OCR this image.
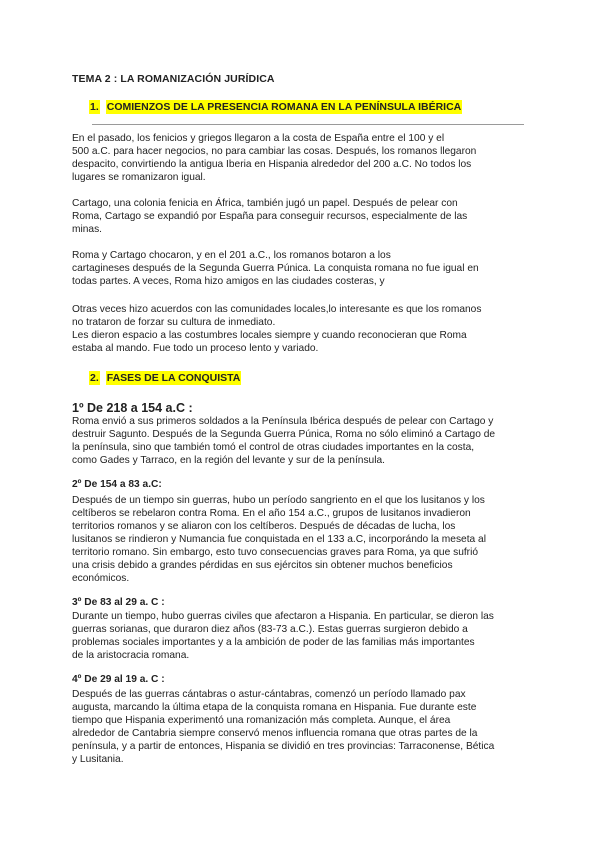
TEMA 2 : LA ROMANIZACIÓN JURÍDICA
1. COMIENZOS DE LA PRESENCIA ROMANA EN LA PENÍNSULA IBÉRICA
En el pasado, los fenicios y griegos llegaron a la costa de España entre el 100 y el
500 a.C. para hacer negocios, no para cambiar las cosas. Después, los romanos llegaron
despacito, convirtiendo la antigua Iberia en Hispania alrededor del 200 a.C. No todos los
lugares se romanizaron igual.
Cartago, una colonia fenicia en África, también jugó un papel. Después de pelear con
Roma, Cartago se expandió por España para conseguir recursos, especialmente de las
minas.
Roma y Cartago chocaron, y en el 201 a.C., los romanos botaron a los
cartagineses después de la Segunda Guerra Púnica. La conquista romana no fue igual en
todas partes. A veces, Roma hizo amigos en las ciudades costeras, y
Otras veces hizo acuerdos con las comunidades locales,lo interesante es que los romanos
no trataron de forzar su cultura de inmediato.
Les dieron espacio a las costumbres locales siempre y cuando reconocieran que Roma
estaba al mando. Fue todo un proceso lento y variado.
2. FASES DE LA CONQUISTA
1º De 218 a 154 a.C :
Roma envió a sus primeros soldados a la Península Ibérica después de pelear con Cartago y
destruir Sagunto. Después de la Segunda Guerra Púnica, Roma no sólo eliminó a Cartago de
la península, sino que también tomó el control de otras ciudades importantes en la costa,
como Gades y Tarraco, en la región del levante y sur de la península.
2º De 154 a 83 a.C:
Después de un tiempo sin guerras, hubo un período sangriento en el que los lusitanos y los
celtíberos se rebelaron contra Roma. En el año 154 a.C., grupos de lusitanos invadieron
territorios romanos y se aliaron con los celtíberos. Después de décadas de lucha, los
lusitanos se rindieron y Numancia fue conquistada en el 133 a.C, incorporándo la meseta al
territorio romano. Sin embargo, esto tuvo consecuencias graves para Roma, ya que sufrió
una crisis debido a grandes pérdidas en sus ejércitos sin obtener muchos beneficios
económicos.
3º De 83 al 29 a. C :
Durante un tiempo, hubo guerras civiles que afectaron a Hispania. En particular, se dieron las
guerras sorianas, que duraron diez años (83-73 a.C.). Estas guerras surgieron debido a
problemas sociales importantes y a la ambición de poder de las familias más importantes
de la aristocracia romana.
4º De 29 al 19 a. C :
Después de las guerras cántabras o astur-cántabras, comenzó un período llamado pax
augusta, marcando la última etapa de la conquista romana en Hispania. Fue durante este
tiempo que Hispania experimentó una romanización más completa. Aunque, el área
alrededor de Cantabria siempre conservó menos influencia romana que otras partes de la
península, y a partir de entonces, Hispania se dividió en tres provincias: Tarraconense, Bética
y Lusitania.
